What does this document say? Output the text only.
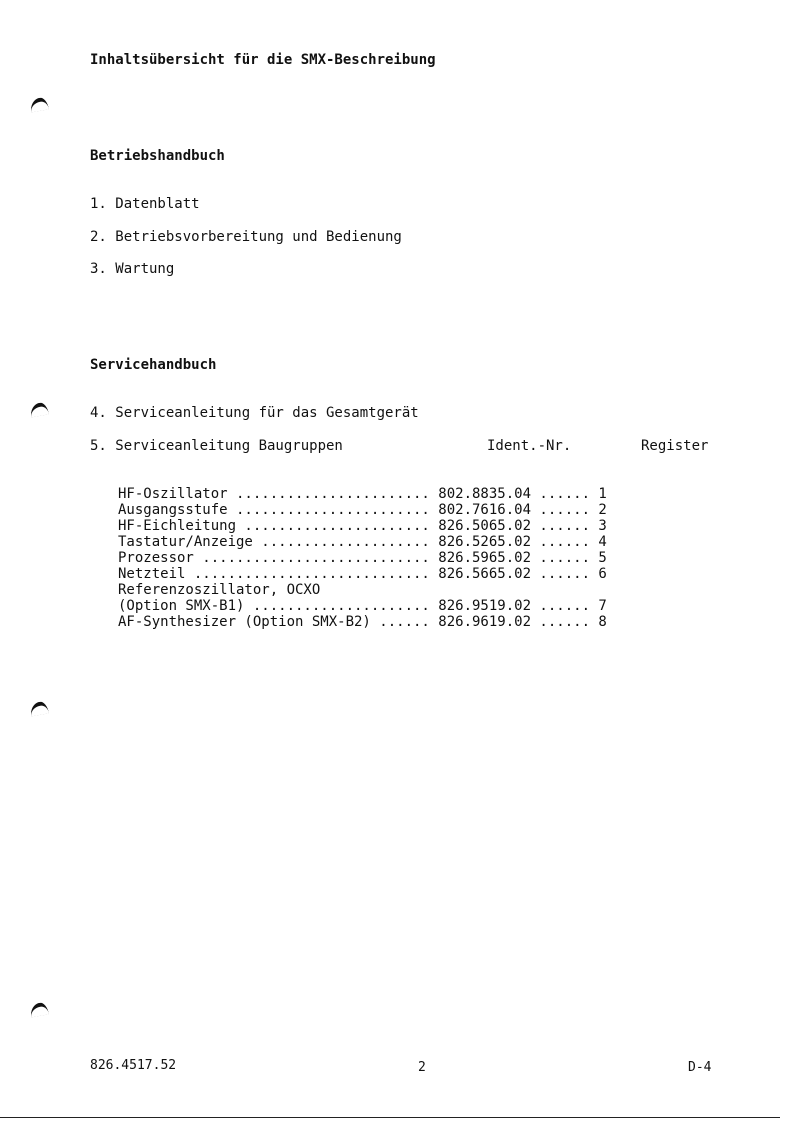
Inhaltsübersicht für die SMX-Beschreibung
Betriebshandbuch
1. Datenblatt
2. Betriebsvorbereitung und Bedienung
3. Wartung
Servicehandbuch
4. Serviceanleitung für das Gesamtgerät
5. Serviceanleitung Baugruppen	Ident.-Nr.	Register
HF-Oszillator ....................... 802.8835.04 ...... 1
Ausgangsstufe ....................... 802.7616.04 ...... 2
HF-Eichleitung ...................... 826.5065.02 ...... 3
Tastatur/Anzeige .................... 826.5265.02 ...... 4
Prozessor ........................... 826.5965.02 ...... 5
Netzteil ............................ 826.5665.02 ...... 6
Referenzoszillator, OCXO
(Option SMX-B1) ..................... 826.9519.02 ...... 7
AF-Synthesizer (Option SMX-B2) ...... 826.9619.02 ...... 8
826.4517.52	2	D-4
